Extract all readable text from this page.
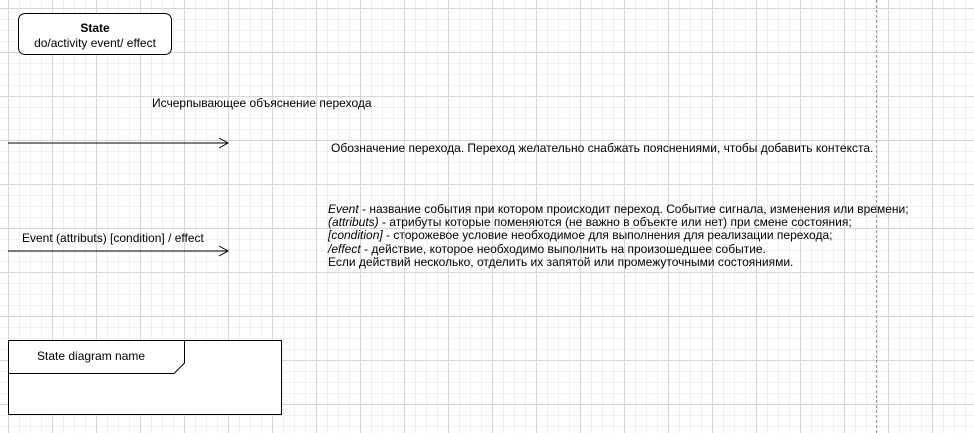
State
do/activity event/ effect
Исчерпывающее объяснение перехода
Обозначение перехода. Переход желательно снабжать пояснениями, чтобы добавить контекста.
Event (attributs) [condition] / effect
Event - название события при котором происходит переход. Событие сигнала, изменения или времени;
(attributs) - атрибуты которые поменяются (не важно в объекте или нет) при смене состояния;
[condition] - сторожевое условие необходимое для выполнения для реализации перехода;
/effect - действие, которое необходимо выполнить на произошедшее событие.
Если действий несколько, отделить их запятой или промежуточными состояниями.
State diagram name
